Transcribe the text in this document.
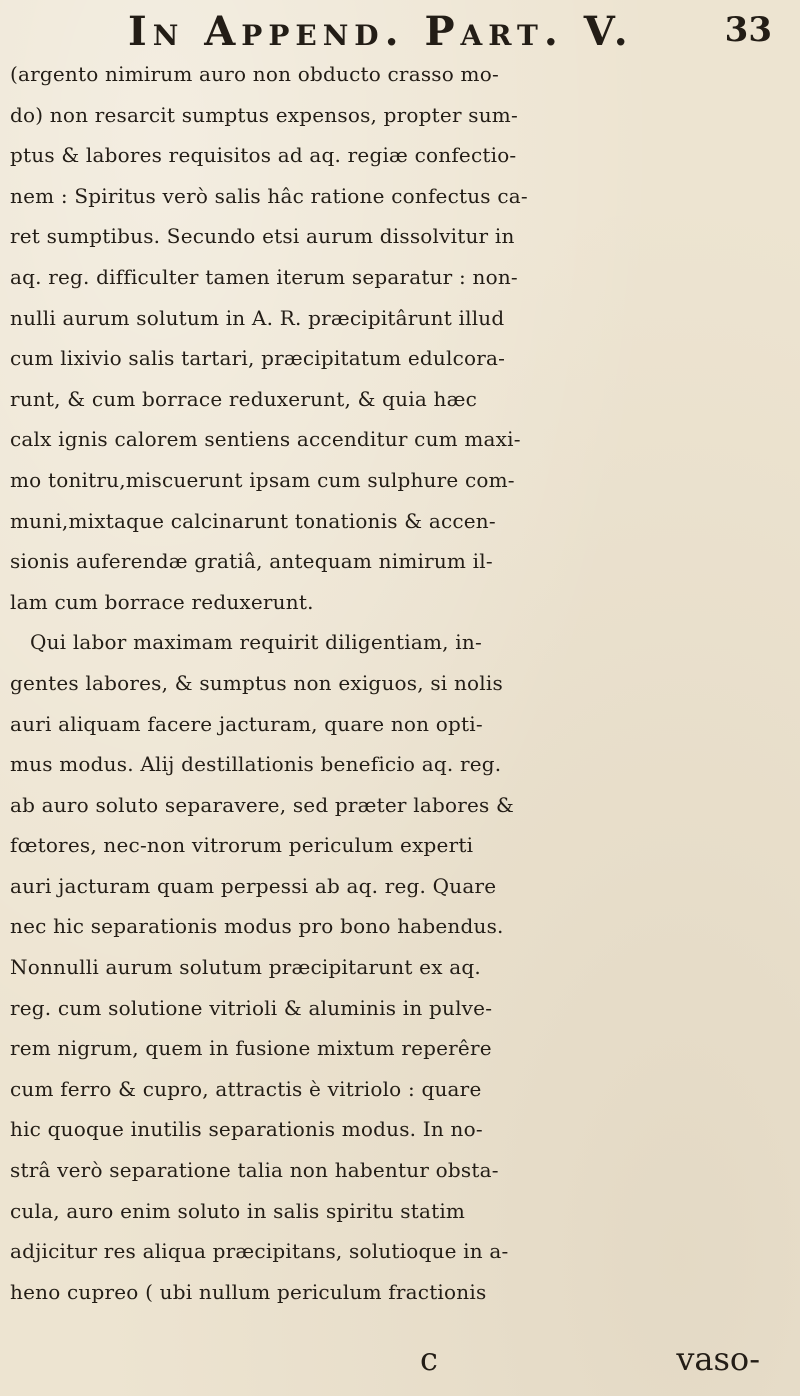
In Append. Part. V.	33
(argento nimirum auro non obducto crasso mo-
do) non resarcit sumptus expensos, propter sum-
ptus & labores requisitos ad aq. regiæ confectio-
nem : Spiritus verò salis hâc ratione confectus ca-
ret sumptibus. Secundo etsi aurum dissolvitur in
aq. reg. difficulter tamen iterum separatur : non-
nulli aurum solutum in A. R. præcipitârunt illud
cum lixivio salis tartari, præcipitatum edulcora-
runt, & cum borrace reduxerunt, & quia hæc
calx ignis calorem sentiens accenditur cum maxi-
mo tonitru,miscuerunt ipsam cum sulphure com-
muni,mixtaque calcinarunt tonationis & accen-
sionis auferendæ gratiâ, antequam nimirum il-
lam cum borrace reduxerunt.
Qui labor maximam requirit diligentiam, in-
gentes labores, & sumptus non exiguos, si nolis
auri aliquam facere jacturam, quare non opti-
mus modus. Alij destillationis beneficio aq. reg.
ab auro soluto separavere, sed præter labores &
fœtores, nec-non vitrorum periculum experti
auri jacturam quam perpessi ab aq. reg. Quare
nec hic separationis modus pro bono habendus.
Nonnulli aurum solutum præcipitarunt ex aq.
reg. cum solutione vitrioli & aluminis in pulve-
rem nigrum, quem in fusione mixtum reperêre
cum ferro & cupro, attractis è vitriolo : quare
hic quoque inutilis separationis modus. In no-
strâ verò separatione talia non habentur obsta-
cula, auro enim soluto in salis spiritu statim
adjicitur res aliqua præcipitans, solutioque in a-
heno cupreo ( ubi nullum periculum fractionis
c	vaso-
